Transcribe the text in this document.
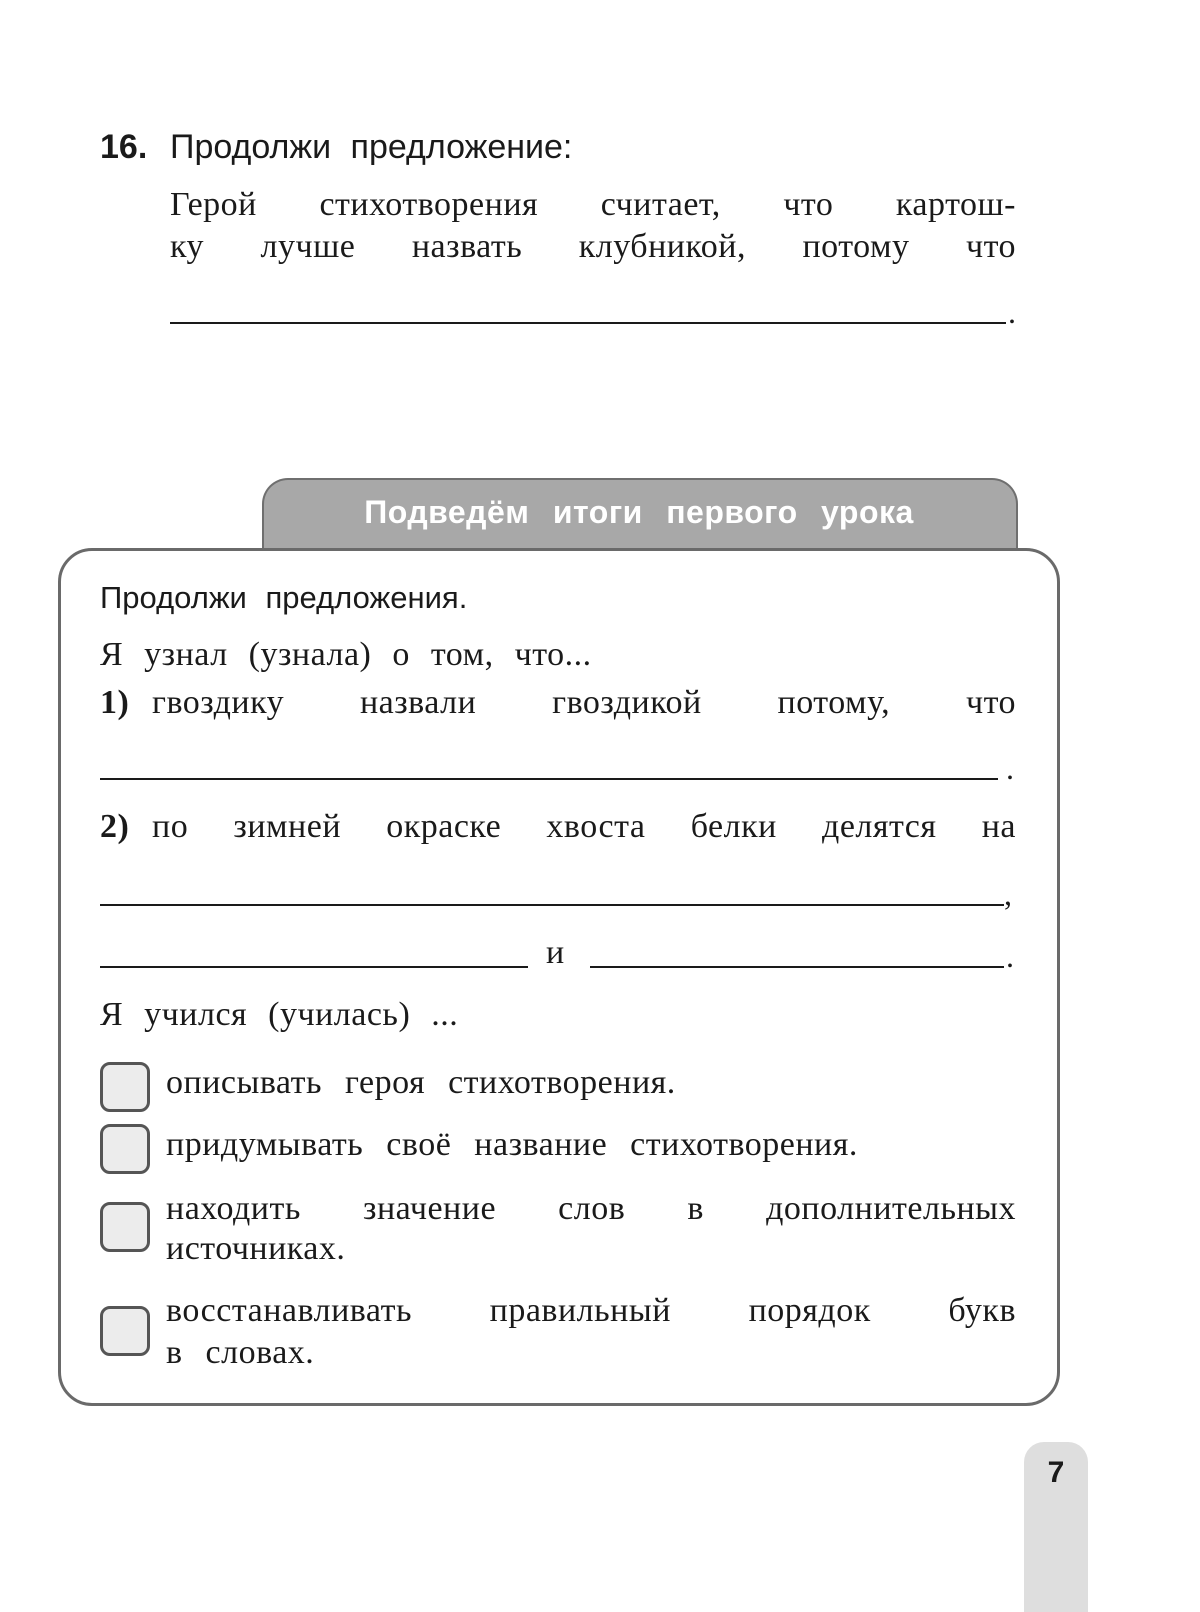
16. Продолжи предложение:
Герой стихотворения считает, что картош-
ку лучше назвать клубникой, потому что
.
Подведём итоги первого урока
Продолжи предложения.
Я узнал (узнала) о том, что...
1) гвоздику назвали гвоздикой потому, что
.
2) по зимней окраске хвоста белки делятся на
,
и	.
Я учился (училась) ...
описывать героя стихотворения.
придумывать своё название стихотворения.
находить значение слов в дополнительных
источниках.
восстанавливать правильный порядок букв
в словах.
7
